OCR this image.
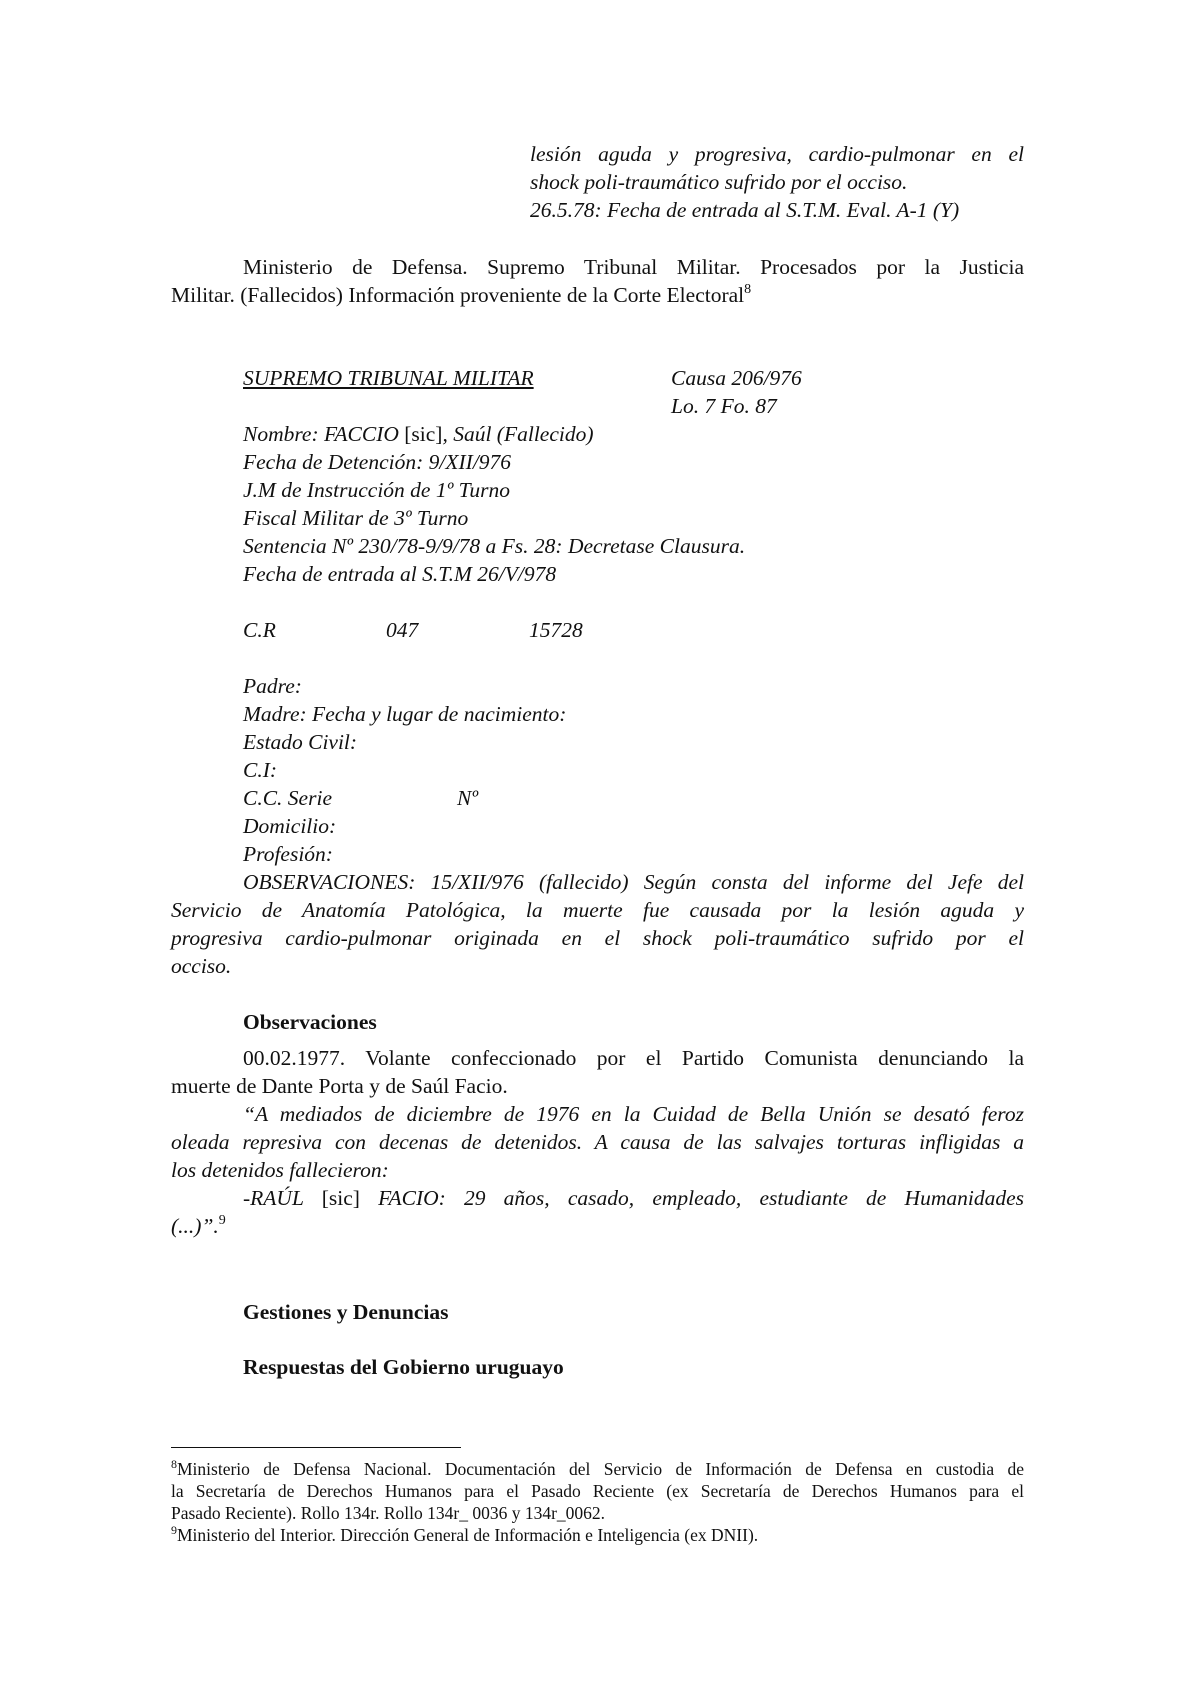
lesión aguda y progresiva, cardio-pulmonar en el
shock poli-traumático sufrido por el occiso.
26.5.78: Fecha de entrada al S.T.M. Eval. A-1 (Y)
Ministerio de Defensa. Supremo Tribunal Militar. Procesados por la Justicia
Militar. (Fallecidos) Información proveniente de la Corte Electoral$^8$
SUPREMO TRIBUNAL MILITAR	Causa 206/976
Lo. 7 Fo. 87
Nombre: FACCIO [sic], Saúl (Fallecido)
Fecha de Detención: 9/XII/976
J.M de Instrucción de 1º Turno
Fiscal Militar de 3º Turno
Sentencia Nº 230/78-9/9/78 a Fs. 28: Decretase Clausura.
Fecha de entrada al S.T.M 26/V/978
C.R	047	15728
Padre:
Madre: Fecha y lugar de nacimiento:
Estado Civil:
C.I:
C.C. Serie	Nº
Domicilio:
Profesión:
OBSERVACIONES: 15/XII/976 (fallecido) Según consta del informe del Jefe del
Servicio de Anatomía Patológica, la muerte fue causada por la lesión aguda y
progresiva cardio-pulmonar originada en el shock poli-traumático sufrido por el
occiso.
Observaciones
00.02.1977. Volante confeccionado por el Partido Comunista denunciando la
muerte de Dante Porta y de Saúl Facio.
“A mediados de diciembre de 1976 en la Cuidad de Bella Unión se desató feroz
oleada represiva con decenas de detenidos. A causa de las salvajes torturas infligidas a
los detenidos fallecieron:
-RAÚL [sic] FACIO: 29 años, casado, empleado, estudiante de Humanidades
(...)”.$^9$
Gestiones y Denuncias
Respuestas del Gobierno uruguayo
$^8$Ministerio de Defensa Nacional. Documentación del Servicio de Información de Defensa en custodia de
la Secretaría de Derechos Humanos para el Pasado Reciente (ex Secretaría de Derechos Humanos para el
Pasado Reciente). Rollo 134r. Rollo 134r_ 0036 y 134r_0062.
$^9$Ministerio del Interior. Dirección General de Información e Inteligencia (ex DNII).
